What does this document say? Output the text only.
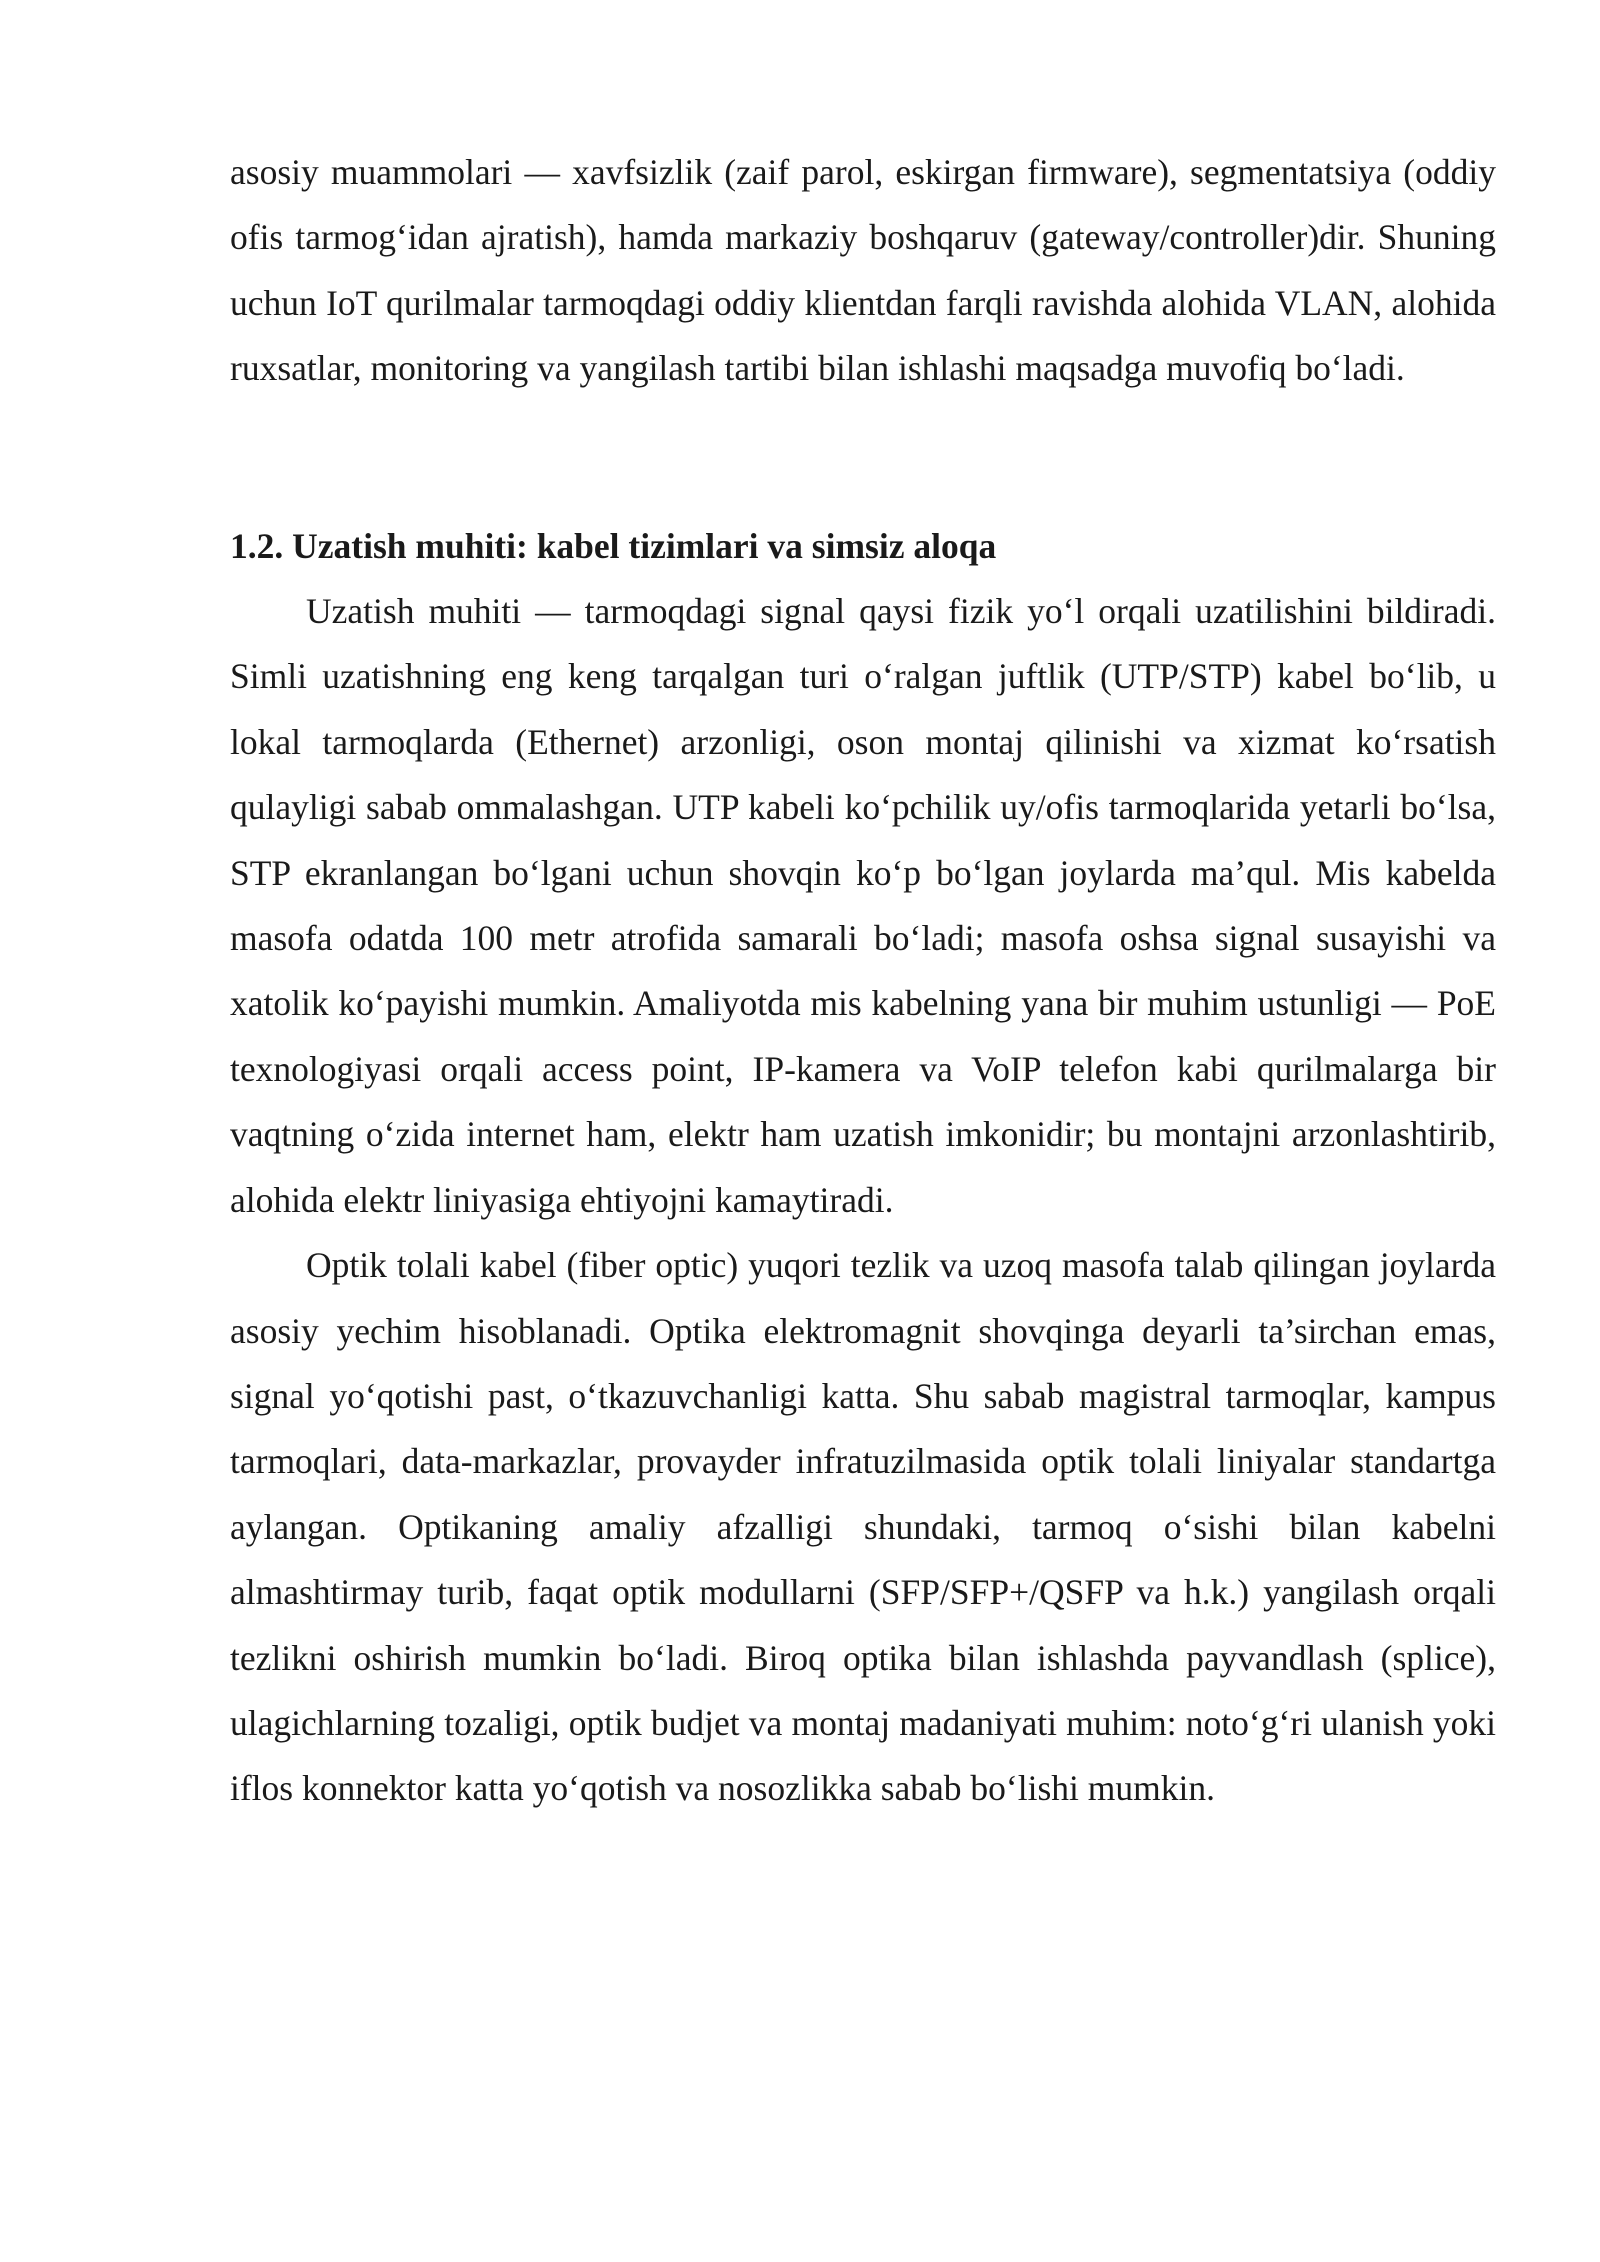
asosiy muammolari — xavfsizlik (zaif parol, eskirgan firmware), segmentatsiya (oddiy ofis tarmog‘idan ajratish), hamda markaziy boshqaruv (gateway/controller)dir. Shuning uchun IoT qurilmalar tarmoqdagi oddiy klientdan farqli ravishda alohida VLAN, alohida ruxsatlar, monitoring va yangilash tartibi bilan ishlashi maqsadga muvofiq bo‘ladi.

1.2. Uzatish muhiti: kabel tizimlari va simsiz aloqa

Uzatish muhiti — tarmoqdagi signal qaysi fizik yo‘l orqali uzatilishini bildiradi. Simli uzatishning eng keng tarqalgan turi o‘ralgan juftlik (UTP/STP) kabel bo‘lib, u lokal tarmoqlarda (Ethernet) arzonligi, oson montaj qilinishi va xizmat ko‘rsatish qulayligi sabab ommalashgan. UTP kabeli ko‘pchilik uy/ofis tarmoqlarida yetarli bo‘lsa, STP ekranlangan bo‘lgani uchun shovqin ko‘p bo‘lgan joylarda ma’qul. Mis kabelda masofa odatda 100 metr atrofida samarali bo‘ladi; masofa oshsa signal susayishi va xatolik ko‘payishi mumkin. Amaliyotda mis kabelning yana bir muhim ustunligi — PoE texnologiyasi orqali access point, IP-kamera va VoIP telefon kabi qurilmalarga bir vaqtning o‘zida internet ham, elektr ham uzatish imkonidir; bu montajni arzonlashtirib, alohida elektr liniyasiga ehtiyojni kamaytiradi.

Optik tolali kabel (fiber optic) yuqori tezlik va uzoq masofa talab qilingan joylarda asosiy yechim hisoblanadi. Optika elektromagnit shovqinga deyarli ta’sirchan emas, signal yo‘qotishi past, o‘tkazuvchanligi katta. Shu sabab magistral tarmoqlar, kampus tarmoqlari, data-markazlar, provayder infratuzilmasida optik tolali liniyalar standartga aylangan. Optikaning amaliy afzalligi shundaki, tarmoq o‘sishi bilan kabelni almashtirmay turib, faqat optik modullarni (SFP/SFP+/QSFP va h.k.) yangilash orqali tezlikni oshirish mumkin bo‘ladi. Biroq optika bilan ishlashda payvandlash (splice), ulagichlarning tozaligi, optik budjet va montaj madaniyati muhim: noto‘g‘ri ulanish yoki iflos konnektor katta yo‘qotish va nosozlikka sabab bo‘lishi mumkin.
